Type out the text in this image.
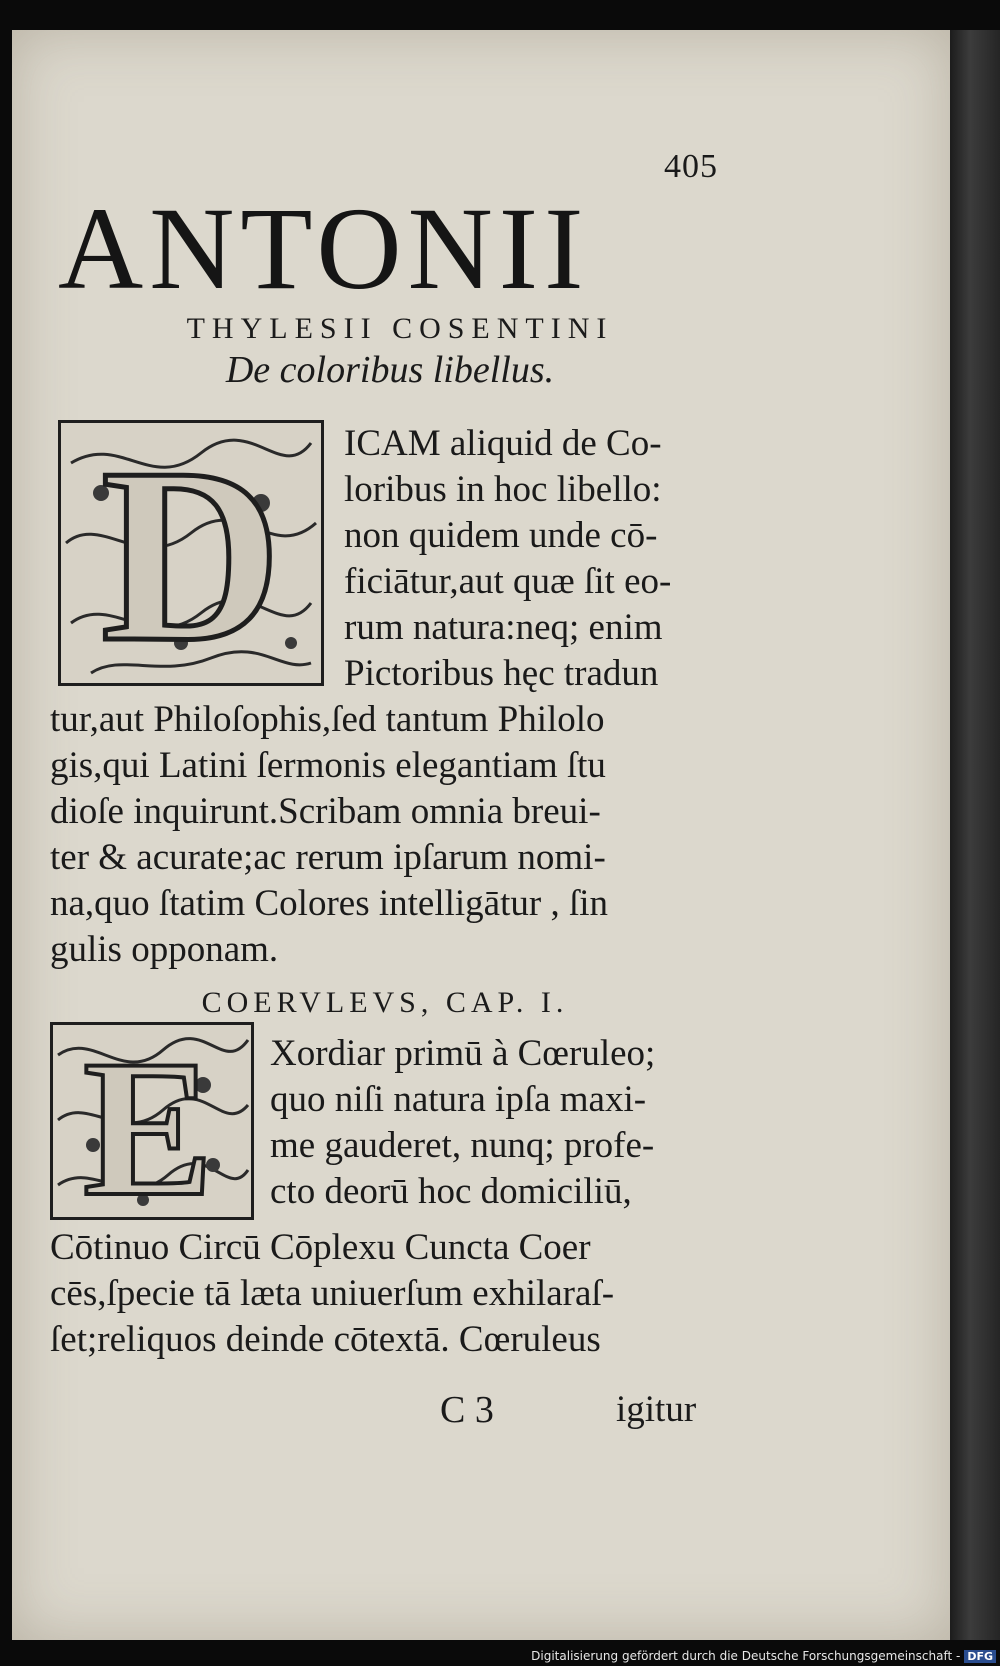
405
ANTONII
THYLESII COSENTINI
De coloribus libellus.
D
E
ICAM aliquid de Co-
loribus in hoc libello:
non quidem unde cō-
ficiātur,aut quæ ſit eo-
rum natura:neq; enim
Pictoribus hęc tradun
tur,aut Philoſophis,ſed tantum Philolo
gis,qui Latini ſermonis elegantiam ſtu
dioſe inquirunt.Scribam omnia breui-
ter & acurate;ac rerum ipſarum nomi-
na,quo ſtatim Colores intelligātur , ſin
gulis opponam.
COERVLEVS, CAP. I.
Xordiar primū à Cœruleo;
quo niſi natura ipſa maxi-
me gauderet, nunq; profe-
cto deorū hoc domiciliū,
Cōtinuo Circū Cōplexu Cuncta Coer
cēs,ſpecie tā læta uniuerſum exhilaraſ-
ſet;reliquos deinde cōtextā. Cœruleus
C 3	igitur
Digitalisierung gefördert durch die Deutsche Forschungsgemeinschaft - DFG
